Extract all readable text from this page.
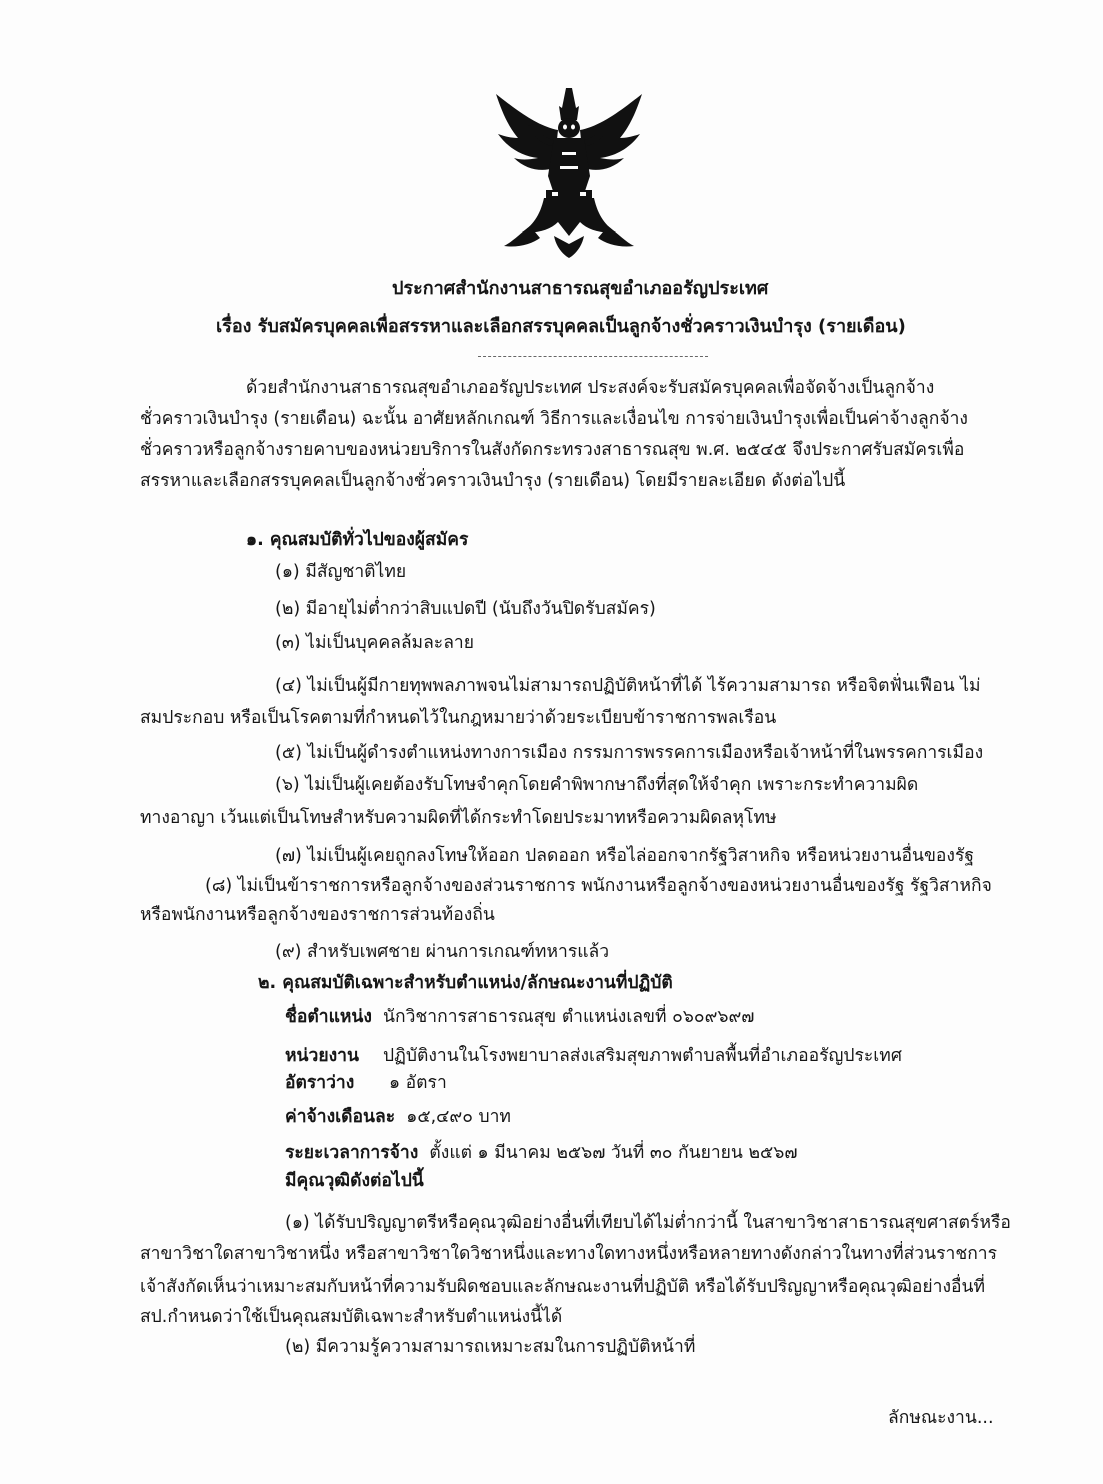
ประกาศสำนักงานสาธารณสุขอำเภออรัญประเทศ
เรื่อง รับสมัครบุคคลเพื่อสรรหาและเลือกสรรบุคคลเป็นลูกจ้างชั่วคราวเงินบำรุง (รายเดือน)
ด้วยสำนักงานสาธารณสุขอำเภออรัญประเทศ ประสงค์จะรับสมัครบุคคลเพื่อจัดจ้างเป็นลูกจ้าง
ชั่วคราวเงินบำรุง (รายเดือน) ฉะนั้น อาศัยหลักเกณฑ์ วิธีการและเงื่อนไข การจ่ายเงินบำรุงเพื่อเป็นค่าจ้างลูกจ้าง
ชั่วคราวหรือลูกจ้างรายคาบของหน่วยบริการในสังกัดกระทรวงสาธารณสุข พ.ศ. ๒๕๔๕ จึงประกาศรับสมัครเพื่อ
สรรหาและเลือกสรรบุคคลเป็นลูกจ้างชั่วคราวเงินบำรุง (รายเดือน) โดยมีรายละเอียด ดังต่อไปนี้
๑. คุณสมบัติทั่วไปของผู้สมัคร
(๑) มีสัญชาติไทย
(๒) มีอายุไม่ต่ำกว่าสิบแปดปี (นับถึงวันปิดรับสมัคร)
(๓) ไม่เป็นบุคคลล้มละลาย
(๔) ไม่เป็นผู้มีกายทุพพลภาพจนไม่สามารถปฏิบัติหน้าที่ได้ ไร้ความสามารถ หรือจิตฟั่นเฟือน ไม่
สมประกอบ หรือเป็นโรคตามที่กำหนดไว้ในกฎหมายว่าด้วยระเบียบข้าราชการพลเรือน
(๕) ไม่เป็นผู้ดำรงตำแหน่งทางการเมือง กรรมการพรรคการเมืองหรือเจ้าหน้าที่ในพรรคการเมือง
(๖) ไม่เป็นผู้เคยต้องรับโทษจำคุกโดยคำพิพากษาถึงที่สุดให้จำคุก เพราะกระทำความผิด
ทางอาญา เว้นแต่เป็นโทษสำหรับความผิดที่ได้กระทำโดยประมาทหรือความผิดลหุโทษ
(๗) ไม่เป็นผู้เคยถูกลงโทษให้ออก ปลดออก หรือไล่ออกจากรัฐวิสาหกิจ หรือหน่วยงานอื่นของรัฐ
(๘) ไม่เป็นข้าราชการหรือลูกจ้างของส่วนราชการ พนักงานหรือลูกจ้างของหน่วยงานอื่นของรัฐ รัฐวิสาหกิจ
หรือพนักงานหรือลูกจ้างของราชการส่วนท้องถิ่น
(๙) สำหรับเพศชาย ผ่านการเกณฑ์ทหารแล้ว
๒. คุณสมบัติเฉพาะสำหรับตำแหน่ง/ลักษณะงานที่ปฏิบัติ
ชื่อตำแหน่ง นักวิชาการสาธารณสุข ตำแหน่งเลขที่ ๐๖๐๙๖๙๗
หน่วยงาน ปฏิบัติงานในโรงพยาบาลส่งเสริมสุขภาพตำบลพื้นที่อำเภออรัญประเทศ
อัตราว่าง ๑ อัตรา
ค่าจ้างเดือนละ ๑๕,๔๙๐ บาท
ระยะเวลาการจ้าง ตั้งแต่ ๑ มีนาคม ๒๕๖๗ วันที่ ๓๐ กันยายน ๒๕๖๗
มีคุณวุฒิดังต่อไปนี้
(๑) ได้รับปริญญาตรีหรือคุณวุฒิอย่างอื่นที่เทียบได้ไม่ต่ำกว่านี้ ในสาขาวิชาสาธารณสุขศาสตร์หรือ
สาขาวิชาใดสาขาวิชาหนึ่ง หรือสาขาวิชาใดวิชาหนึ่งและทางใดทางหนึ่งหรือหลายทางดังกล่าวในทางที่ส่วนราชการ
เจ้าสังกัดเห็นว่าเหมาะสมกับหน้าที่ความรับผิดชอบและลักษณะงานที่ปฏิบัติ หรือได้รับปริญญาหรือคุณวุฒิอย่างอื่นที่
สป.กำหนดว่าใช้เป็นคุณสมบัติเฉพาะสำหรับตำแหน่งนี้ได้
(๒) มีความรู้ความสามารถเหมาะสมในการปฏิบัติหน้าที่
ลักษณะงาน...
